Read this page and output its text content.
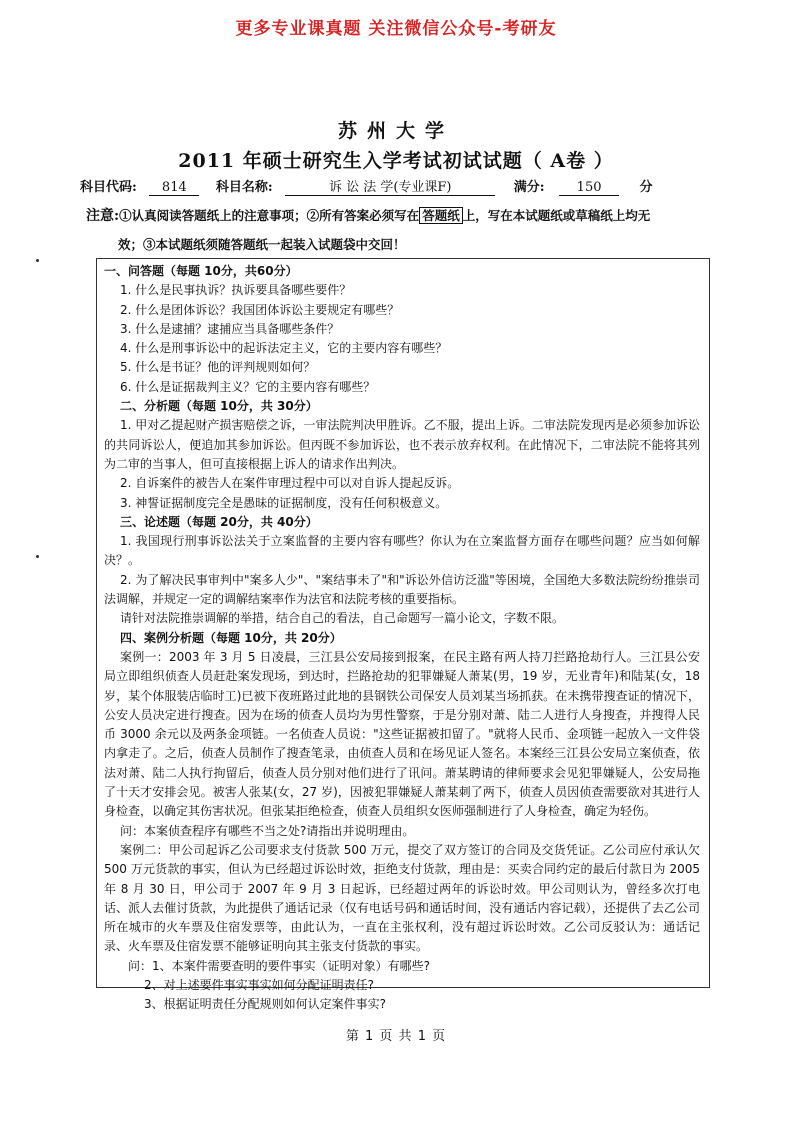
更多专业课真题 关注微信公众号-考研友
苏州大学
2011 年硕士研究生入学考试初试试题（ A卷 ）
科目代码: 814 科目名称:	诉 讼 法 学(专业课F)	满分: 150	分
注意:①认真阅读答题纸上的注意事项；②所有答案必须写在 答题纸 上，写在本试题纸或草稿纸上均无
效；③本试题纸须随答题纸一起装入试题袋中交回！

一、问答题（每题 10分，共60分）

1. 什么是民事执诉？执诉要具备哪些要件？

2. 什么是团体诉讼？我国团体诉讼主要规定有哪些？

3. 什么是逮捕？逮捕应当具备哪些条件？

4. 什么是刑事诉讼中的起诉法定主义，它的主要内容有哪些？

5. 什么是书证？他的评判规则如何？

6. 什么是证据裁判主义？它的主要内容有哪些？

二、分析题（每题 10分，共 30分）

1. 甲对乙提起财产损害赔偿之诉，一审法院判决甲胜诉。乙不服，提出上诉。二审法院发现丙是必须参加诉讼的共同诉讼人，便追加其参加诉讼。但丙既不参加诉讼，也不表示放弃权利。在此情况下，二审法院不能将其列为二审的当事人，但可直接根据上诉人的请求作出判决。

2. 自诉案件的被告人在案件审理过程中可以对自诉人提起反诉。

3. 神誓证据制度完全是愚昧的证据制度，没有任何积极意义。

三、论述题（每题 20分，共 40分）

1. 我国现行刑事诉讼法关于立案监督的主要内容有哪些？你认为在立案监督方面存在哪些问题？应当如何解决？。

2. 为了解决民事审判中"案多人少"、"案结事未了"和"诉讼外信访泛滥"等困境，全国绝大多数法院纷纷推崇司法调解，并规定一定的调解结案率作为法官和法院考核的重要指标。

请针对法院推崇调解的举措，结合自己的看法，自己命题写一篇小论文，字数不限。

四、案例分析题（每题 10分，共 20分）

案例一：2003 年 3 月 5 日凌晨，三江县公安局接到报案，在民主路有两人持刀拦路抢劫行人。三江县公安局立即组织侦查人员赶赴案发现场，到达时，拦路抢劫的犯罪嫌疑人萧某(男，19 岁，无业青年)和陆某(女，18 岁，某个体服装店临时工)已被下夜班路过此地的县钢铁公司保安人员刘某当场抓获。在未携带搜查证的情况下，公安人员决定进行搜查。因为在场的侦查人员均为男性警察，于是分别对萧、陆二人进行人身搜查，并搜得人民币 3000 余元以及两条金项链。一名侦查人员说："这些证据被扣留了。"就将人民币、金项链一起放入一文件袋内拿走了。之后，侦查人员制作了搜查笔录，由侦查人员和在场见证人签名。本案经三江县公安局立案侦查，依法对萧、陆二人执行拘留后，侦查人员分别对他们进行了讯问。萧某聘请的律师要求会见犯罪嫌疑人，公安局拖了十天才安排会见。被害人张某(女，27 岁)，因被犯罪嫌疑人萧某刺了两下，侦查人员因侦查需要欲对其进行人身检查，以确定其伤害状况。但张某拒绝检查，侦查人员组织女医师强制进行了人身检查，确定为轻伤。

问：本案侦查程序有哪些不当之处?请指出并说明理由。

案例二：甲公司起诉乙公司要求支付货款 500 万元，提交了双方签订的合同及交货凭证。乙公司应付承认欠 500 万元货款的事实，但认为已经超过诉讼时效，拒绝支付货款，理由是：买卖合同约定的最后付款日为 2005 年 8 月 30 日，甲公司于 2007 年 9 月 3 日起诉，已经超过两年的诉讼时效。甲公司则认为，曾经多次打电话、派人去催讨货款，为此提供了通话记录（仅有电话号码和通话时间，没有通话内容记载），还提供了去乙公司所在城市的火车票及住宿发票等，由此认为，一直在主张权利，没有超过诉讼时效。乙公司反驳认为：通话记录、火车票及住宿发票不能够证明向其主张支付货款的事实。

问：1、本案件需要查明的要件事实（证明对象）有哪些?

2、对上述要件事实事实如何分配证明责任?

3、根据证明责任分配规则如何认定案件事实?

第 1 页 共 1 页
